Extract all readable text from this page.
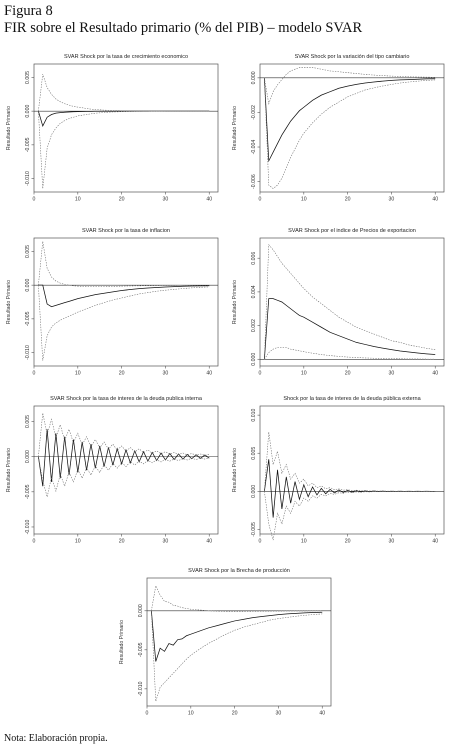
Figura 8
FIR sobre el Resultado primario (% del PIB) – modelo SVAR
SVAR Shock por la tasa de crecimiento economico
Resultado Primario
0	10	20	30	40
0.005
0.000
-0.005
-0.010
SVAR Shock por la variación del tipo cambiario
Resultado Primario
0	10	20	30	40
0.000
-0.002
-0.004
-0.006
SVAR Shock por la tasa de inflacion
Resultado Primario
0	10	20	30	40
0.005
0.000
-0.005
-0.010
SVAR Shock por el indice de Precios de exportacion
Resultado Primario
0	10	20	30	40
0.006
0.004
0.002
0.000
SVAR Shock por la tasa de interes de la deuda publica interna
Resultado Primario
0	10	20	30	40
0.005
0.000
-0.005
-0.010
Shock por la tasa de interes de la deuda pública externa
Resultado Primario
0	10	20	30	40
0.010
0.005
0.000
-0.005
SVAR Shock por la Brecha de producción
Resultado Primario
0	10	20	30	40
0.000
-0.005
-0.010
Nota: Elaboración propia.
